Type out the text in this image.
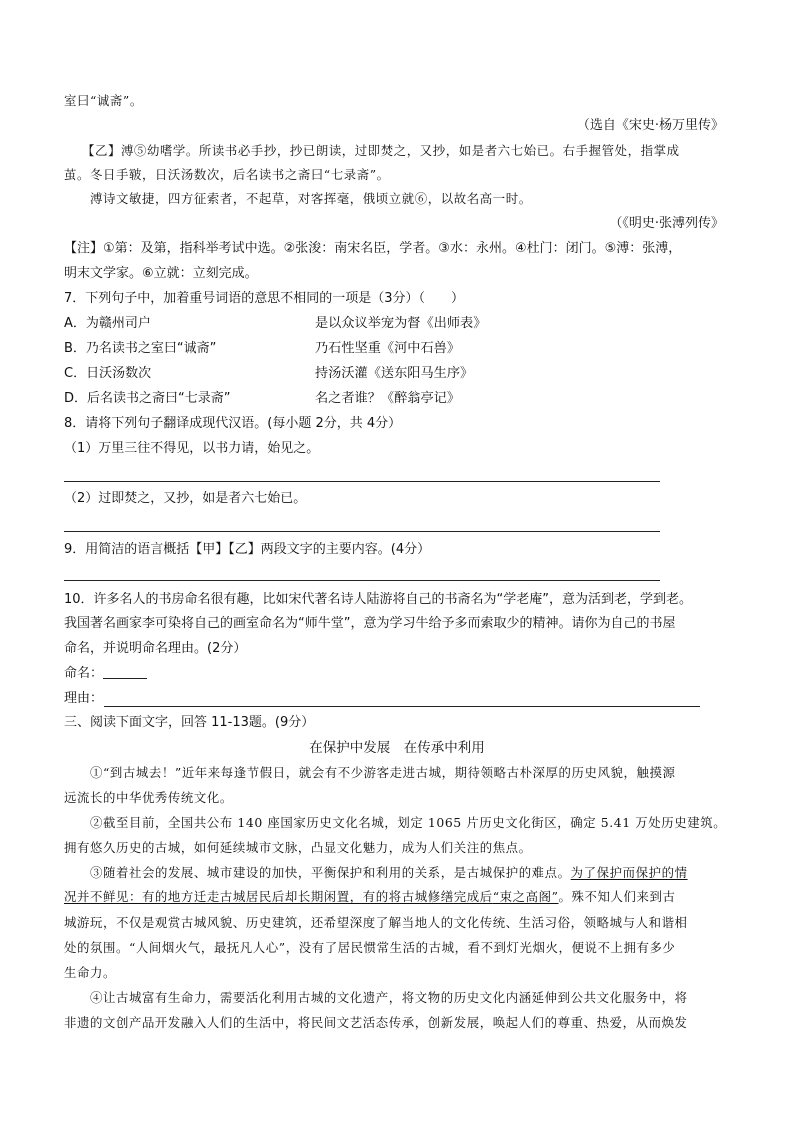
室曰“诚斋”。
（选自《宋史·杨万里传》
【乙】溥⑤幼嗜学。所读书必手抄，抄已朗读，过即焚之，又抄，如是者六七始已。右手握管处，指掌成
茧。冬日手皲，日沃汤数次，后名读书之斋曰“七录斋”。
溥诗文敏捷，四方征索者，不起草，对客挥毫，俄顷立就⑥，以故名高一时。
（《明史·张溥列传》
【注】①第：及第，指科举考试中选。②张浚：南宋名臣，学者。③水：永州。④杜门：闭门。⑤溥：张溥，
明末文学家。⑥立就：立刻完成。
7．下列句子中，加着重号词语的意思不相同的一项是（3分）（　　）
A．为赣州司户	是以众议举宠为督《出师表》
B．乃名读书之室曰“诚斋”	乃石性坚重《河中石兽》
C．日沃汤数次	持汤沃灌《送东阳马生序》
D．后名读书之斋曰“七录斋”	名之者谁？《醉翁亭记》
8．请将下列句子翻译成现代汉语。(每小题 2分，共 4分）
（1）万里三往不得见，以书力请，始见之。
（2）过即焚之，又抄，如是者六七始已。
9．用简洁的语言概括【甲】【乙】两段文字的主要内容。(4分）
10．许多名人的书房命名很有趣，比如宋代著名诗人陆游将自己的书斋名为“学老庵”，意为活到老，学到老。
我国著名画家李可染将自己的画室命名为“师牛堂”，意为学习牛给予多而索取少的精神。请你为自己的书屋
命名，并说明命名理由。(2分）
命名：
理由：
三、阅读下面文字，回答 11-13题。(9分）
在保护中发展　在传承中利用
①“到古城去！”近年来每逢节假日，就会有不少游客走进古城，期待领略古朴深厚的历史风貌，触摸源
远流长的中华优秀传统文化。
②截至目前，全国共公布 140 座国家历史文化名城，划定 1065 片历史文化街区，确定 5.41 万处历史建筑。
拥有悠久历史的古城，如何延续城市文脉，凸显文化魅力，成为人们关注的焦点。
③随着社会的发展、城市建设的加快，平衡保护和利用的关系，是古城保护的难点。为了保护而保护的情
况并不鲜见：有的地方迁走古城居民后却长期闲置，有的将古城修缮完成后“束之高阁”。殊不知人们来到古
城游玩，不仅是观赏古城风貌、历史建筑，还希望深度了解当地人的文化传统、生活习俗，领略城与人和谐相
处的氛围。“人间烟火气，最抚凡人心”，没有了居民惯常生活的古城，看不到灯光烟火，便说不上拥有多少
生命力。
④让古城富有生命力，需要活化利用古城的文化遗产，将文物的历史文化内涵延伸到公共文化服务中，将
非遗的文创产品开发融入人们的生活中，将民间文艺活态传承，创新发展，唤起人们的尊重、热爱，从而焕发
